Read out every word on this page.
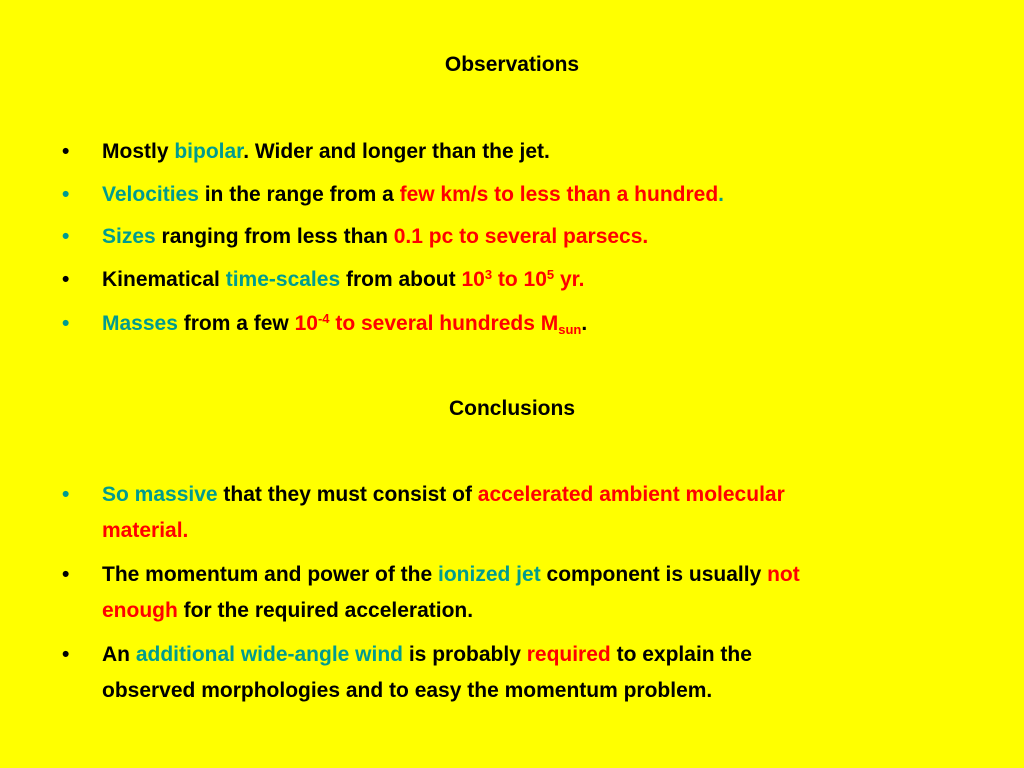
Observations
•	Mostly bipolar. Wider and longer than the jet.
•	Velocities in the range from a few km/s to less than a hundred.
•	Sizes ranging from less than 0.1 pc to several parsecs.
•	Kinematical time-scales from about $10^3$ to $10^5$ yr.
•	Masses from a few $10^{-4}$ to several hundreds $M_{sun}$.
Conclusions
•	So massive that they must consist of accelerated ambient molecular
material.
•	The momentum and power of the ionized jet component is usually not
enough for the required acceleration.
•	An additional wide-angle wind is probably required to explain the
observed morphologies and to easy the momentum problem.
